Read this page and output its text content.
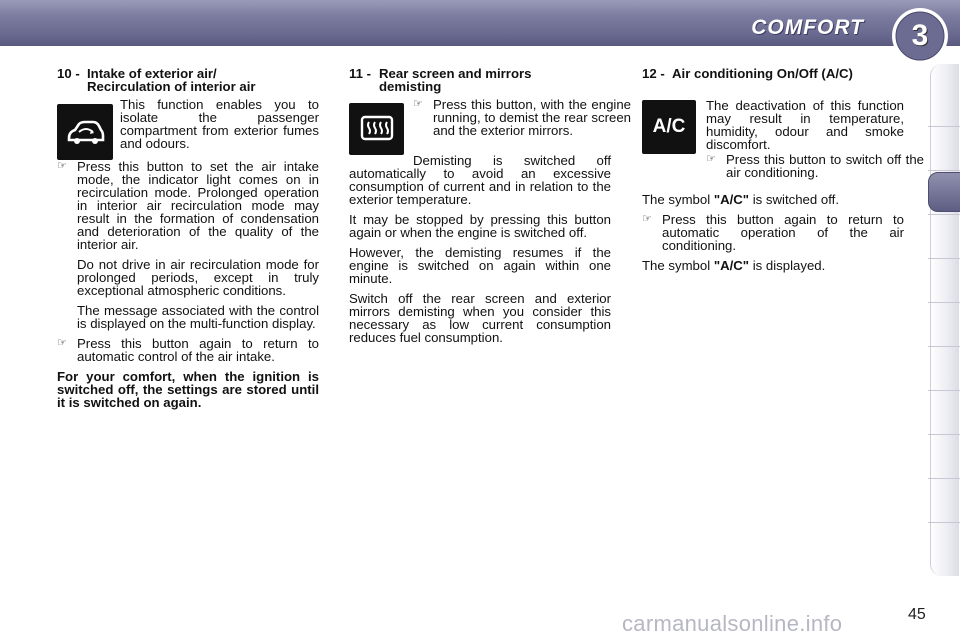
COMFORT	3
10 - Intake of exterior air/
Recirculation of interior air

This function enables you to isolate the passenger compartment from exterior fumes and odours.

☞ Press this button to set the air intake mode, the indicator light comes on in recirculation mode. Prolonged operation in interior air recirculation mode may result in the formation of condensation and deterioration of the quality of the interior air.

Do not drive in air recirculation mode for prolonged periods, except in truly exceptional atmospheric conditions.

The message associated with the control is displayed on the multi-function display.

☞ Press this button again to return to automatic control of the air intake.

For your comfort, when the ignition is switched off, the settings are stored until it is switched on again.

11 - Rear screen and mirrors
demisting
☞ Press this button, with the engine running, to demist the rear screen and the exterior mirrors.

Demisting is switched off automatically to avoid an excessive consumption of current and in relation to the exterior temperature.

It may be stopped by pressing this button again or when the engine is switched off.

However, the demisting resumes if the engine is switched on again within one minute.

Switch off the rear screen and exterior mirrors demisting when you consider this necessary as low current consumption reduces fuel consumption.

12 - Air conditioning On/Off (A/C)
A/C

The deactivation of this function may result in temperature, humidity, odour and smoke discomfort.

☞ Press this button to switch off the air conditioning.

The symbol "A/C" is switched off.

☞ Press this button again to return to automatic operation of the air conditioning.

The symbol "A/C" is displayed.

carmanualsonline.info	45
